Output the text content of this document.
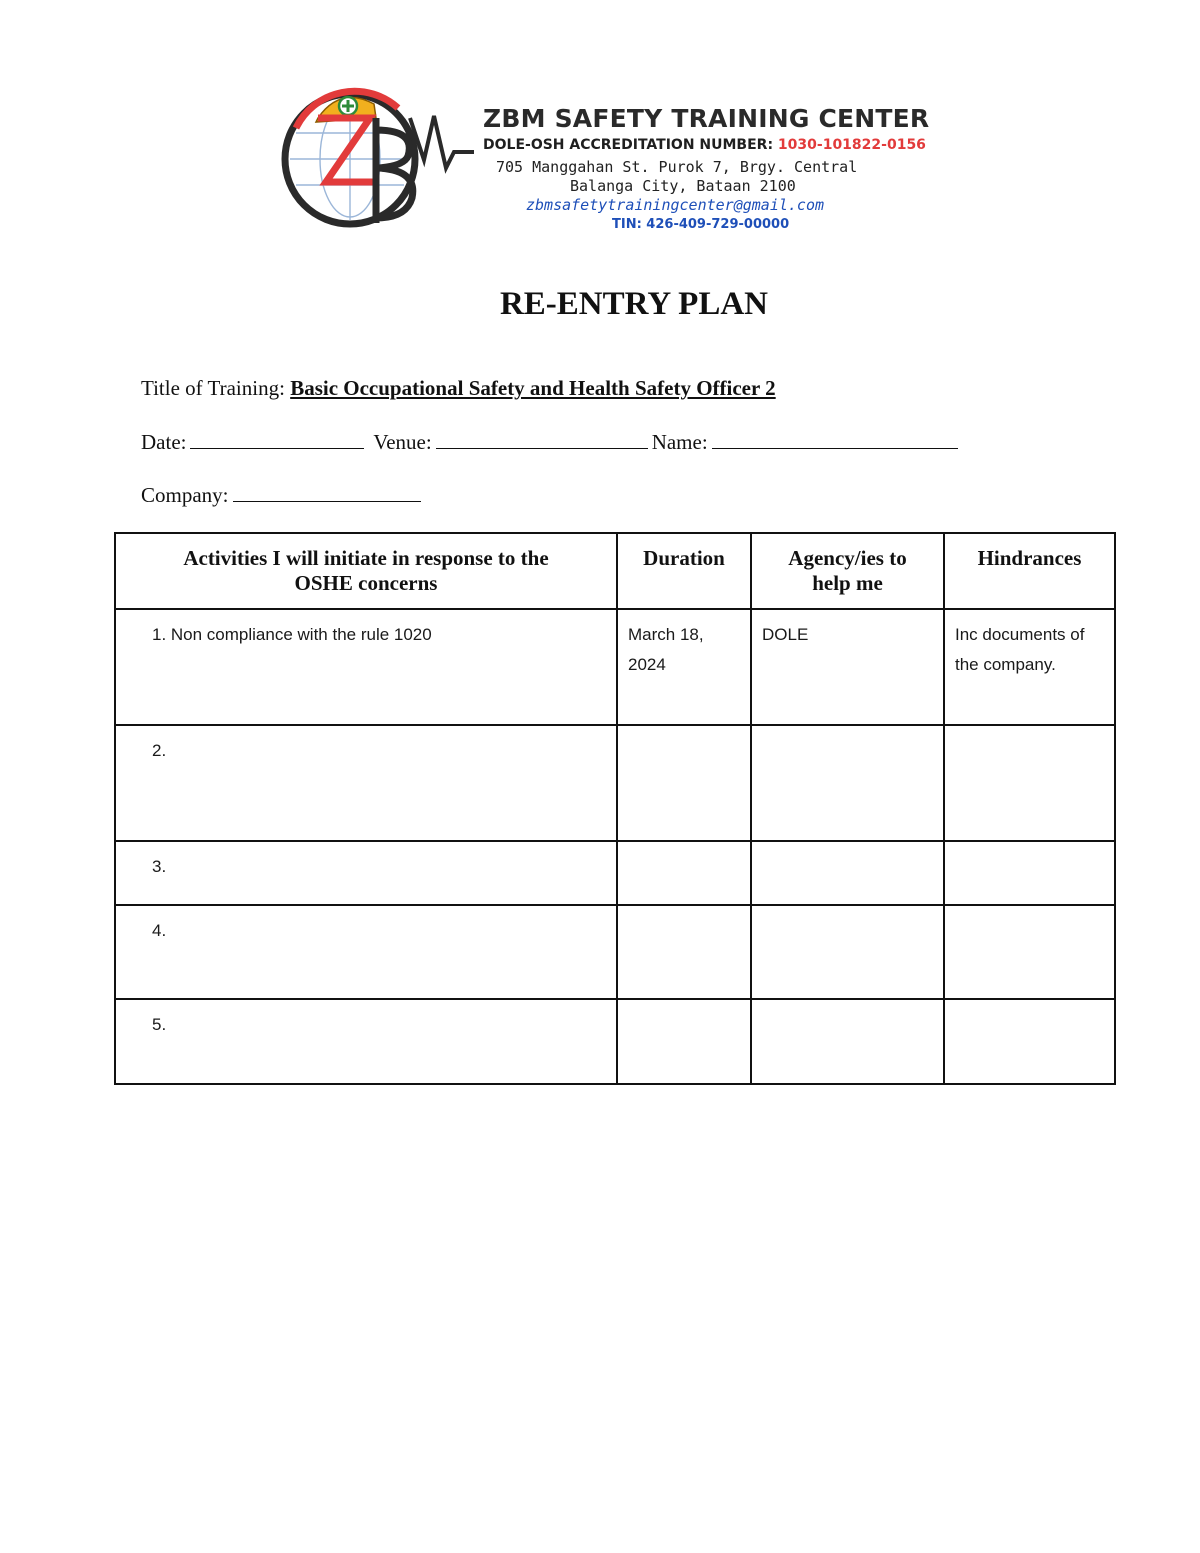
ZBM SAFETY TRAINING CENTER
DOLE-OSH ACCREDITATION NUMBER: 1030-101822-0156
705 Manggahan St. Purok 7, Brgy. Central
Balanga City, Bataan 2100
zbmsafetytrainingcenter@gmail.com
TIN: 426-409-729-00000
RE-ENTRY PLAN
Title of Training: Basic Occupational Safety and Health Safety Officer 2
Date:	Venue:	Name:
Company:
Activities I will initiate in response to the OSHE concerns	Duration	Agency/ies to help me	Hindrances

1. Non compliance with the rule 1020	March 18, 2024	DOLE	Inc documents of the company.

2.			

3.			

4.			

5.			
